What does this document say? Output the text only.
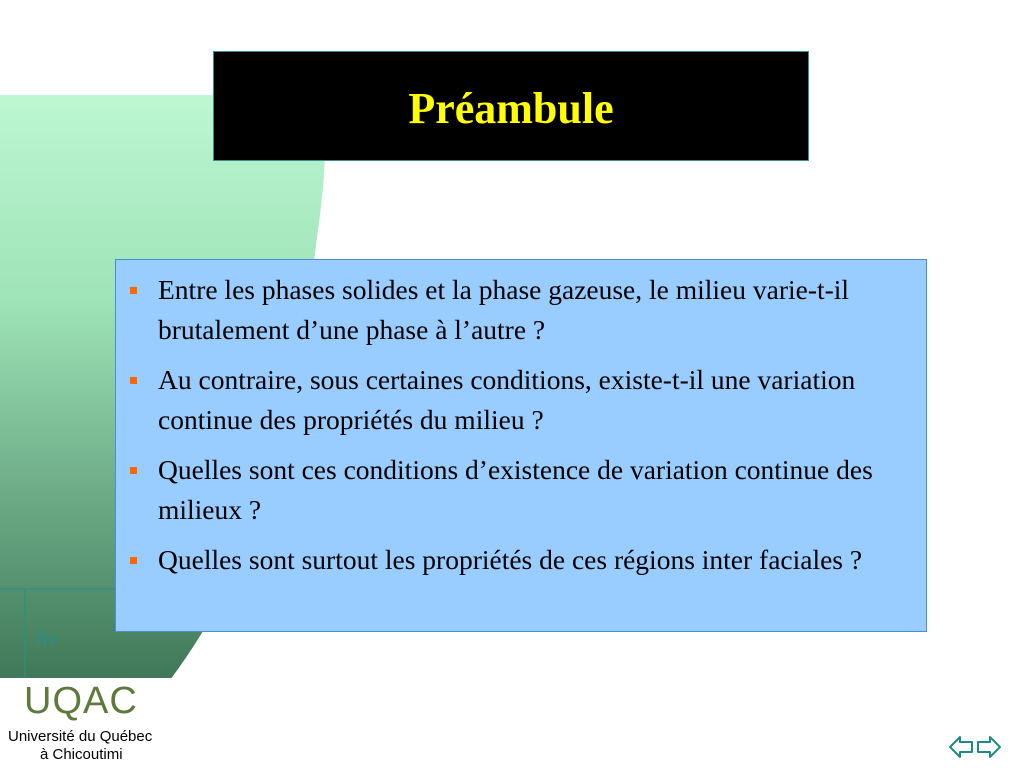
Préambule
Entre les phases solides et la phase gazeuse, le milieu varie-t-il brutalement d’une phase à l’autre ?
Au contraire, sous certaines conditions, existe-t-il une variation continue des propriétés du milieu ?
Quelles sont ces conditions d’existence de variation continue des milieux ?
Quelles sont surtout les propriétés de ces régions inter faciales ?
hν
UQAC
Université du Québec
à Chicoutimi
